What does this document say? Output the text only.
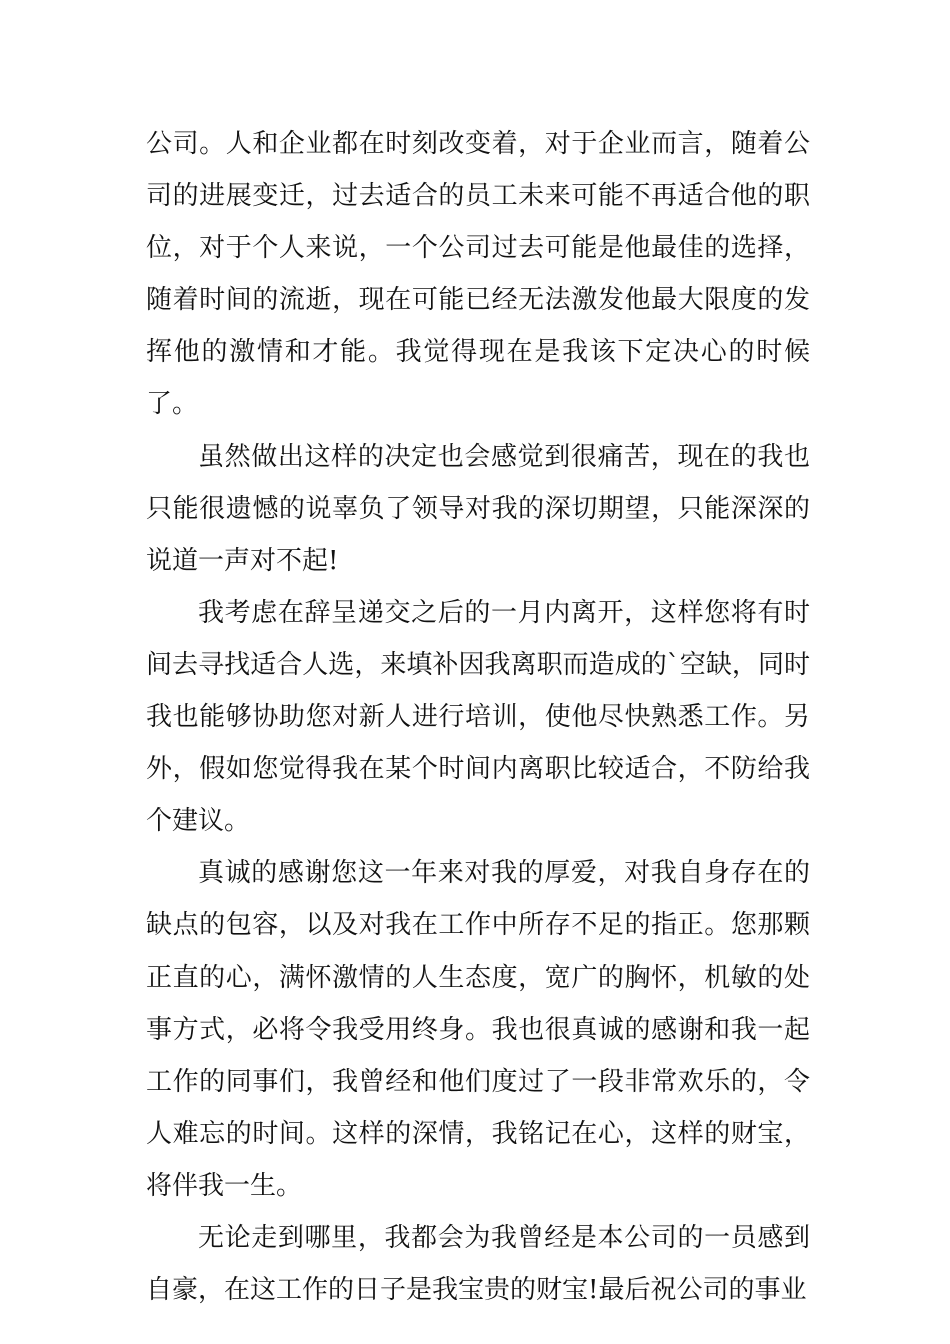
公司。人和企业都在时刻改变着，对于企业而言，随着公司的进展变迁，过去适合的员工未来可能不再适合他的职位，对于个人来说，一个公司过去可能是他最佳的选择，随着时间的流逝，现在可能已经无法激发他最大限度的发挥他的激情和才能。我觉得现在是我该下定决心的时候了。

虽然做出这样的决定也会感觉到很痛苦，现在的我也只能很遗憾的说辜负了领导对我的深切期望，只能深深的说道一声对不起!

我考虑在辞呈递交之后的一月内离开，这样您将有时间去寻找适合人选，来填补因我离职而造成的`空缺，同时我也能够协助您对新人进行培训，使他尽快熟悉工作。另外，假如您觉得我在某个时间内离职比较适合，不防给我个建议。

真诚的感谢您这一年来对我的厚爱，对我自身存在的缺点的包容，以及对我在工作中所存不足的指正。您那颗正直的心，满怀激情的人生态度，宽广的胸怀，机敏的处事方式，必将令我受用终身。我也很真诚的感谢和我一起工作的同事们，我曾经和他们度过了一段非常欢乐的，令人难忘的时间。这样的深情，我铭记在心，这样的财宝，将伴我一生。

无论走到哪里，我都会为我曾经是本公司的一员感到自豪，在这工作的日子是我宝贵的财宝!最后祝公司的事业
